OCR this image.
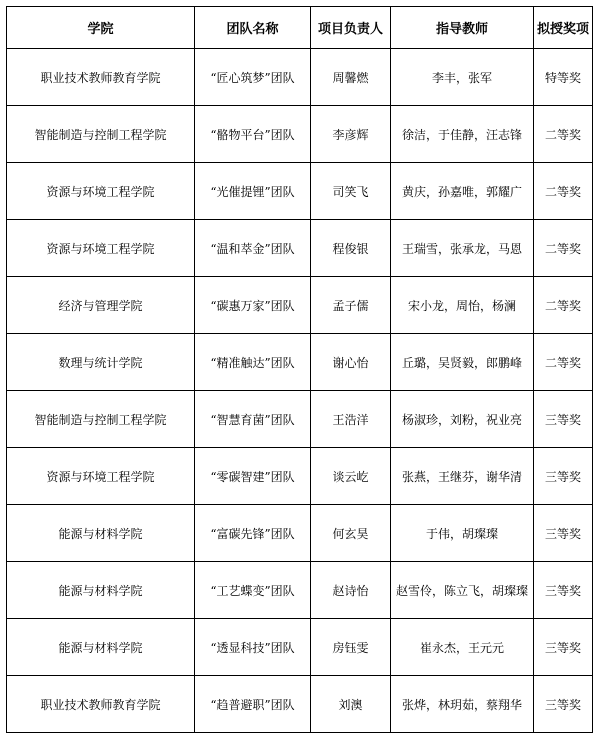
学院	团队名称	项目负责人	指导教师	拟授奖项
职业技术教师教育学院	“匠心筑梦”团队	周馨燃	李丰，张军	特等奖
智能制造与控制工程学院	“骼物平台”团队	李彦辉	徐洁，于佳静，汪志锋	二等奖
资源与环境工程学院	“光催提锂”团队	司笑飞	黄庆，孙嘉唯，郭耀广	二等奖
资源与环境工程学院	“温和萃金”团队	程俊银	王瑞雪，张承龙，马恩	二等奖
经济与管理学院	“碳惠万家”团队	孟子儒	宋小龙，周怡，杨澜	二等奖
数理与统计学院	“精准触达”团队	谢心怡	丘璐，吴贤毅，郎鹏峰	二等奖
智能制造与控制工程学院	“智慧育菌”团队	王浩洋	杨淑珍，刘粉，祝业亮	三等奖
资源与环境工程学院	“零碳智建”团队	谈云屹	张燕，王继芬，谢华清	三等奖
能源与材料学院	“富碳先锋”团队	何玄昊	于伟，胡璨璨	三等奖
能源与材料学院	“工艺蝶变”团队	赵诗怡	赵雪伶，陈立飞，胡璨璨	三等奖
能源与材料学院	“透显科技”团队	房钰雯	崔永杰，王元元	三等奖
职业技术教师教育学院	“趋普避职”团队	刘澳	张烨，林玥茹，蔡翔华	三等奖
